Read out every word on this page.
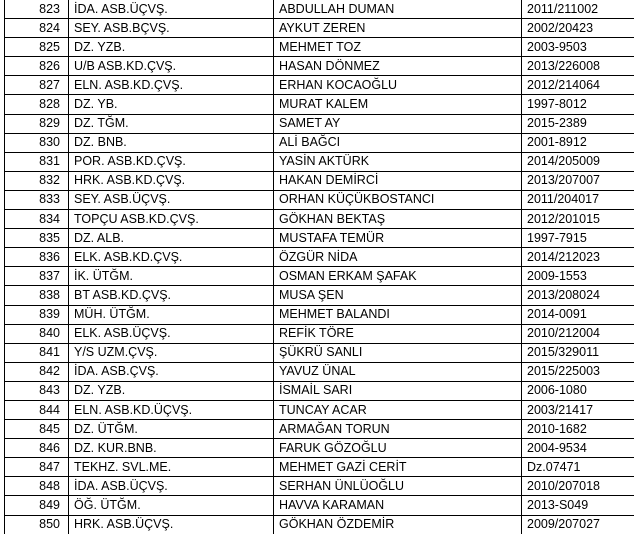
823	İDA. ASB.ÜÇVŞ.	ABDULLAH DUMAN	2011/211002
824	SEY. ASB.BÇVŞ.	AYKUT ZEREN	2002/20423
825	DZ. YZB.	MEHMET TOZ	2003-9503
826	U/B ASB.KD.ÇVŞ.	HASAN DÖNMEZ	2013/226008
827	ELN. ASB.KD.ÇVŞ.	ERHAN KOCAOĞLU	2012/214064
828	DZ. YB.	MURAT KALEM	1997-8012
829	DZ. TĞM.	SAMET AY	2015-2389
830	DZ. BNB.	ALİ BAĞCI	2001-8912
831	POR. ASB.KD.ÇVŞ.	YASİN AKTÜRK	2014/205009
832	HRK. ASB.KD.ÇVŞ.	HAKAN DEMİRCİ	2013/207007
833	SEY. ASB.ÜÇVŞ.	ORHAN KÜÇÜKBOSTANCI	2011/204017
834	TOPÇU ASB.KD.ÇVŞ.	GÖKHAN BEKTAŞ	2012/201015
835	DZ. ALB.	MUSTAFA TEMÜR	1997-7915
836	ELK. ASB.KD.ÇVŞ.	ÖZGÜR NİDA	2014/212023
837	İK. ÜTĞM.	OSMAN ERKAM ŞAFAK	2009-1553
838	BT ASB.KD.ÇVŞ.	MUSA ŞEN	2013/208024
839	MÜH. ÜTĞM.	MEHMET BALANDI	2014-0091
840	ELK. ASB.ÜÇVŞ.	REFİK TÖRE	2010/212004
841	Y/S UZM.ÇVŞ.	ŞÜKRÜ SANLI	2015/329011
842	İDA. ASB.ÇVŞ.	YAVUZ ÜNAL	2015/225003
843	DZ. YZB.	İSMAİL SARI	2006-1080
844	ELN. ASB.KD.ÜÇVŞ.	TUNCAY ACAR	2003/21417
845	DZ. ÜTĞM.	ARMAĞAN TORUN	2010-1682
846	DZ. KUR.BNB.	FARUK GÖZOĞLU	2004-9534
847	TEKHZ. SVL.ME.	MEHMET GAZİ CERİT	Dz.07471
848	İDA. ASB.ÜÇVŞ.	SERHAN ÜNLÜOĞLU	2010/207018
849	ÖĞ. ÜTĞM.	HAVVA KARAMAN	2013-S049
850	HRK. ASB.ÜÇVŞ.	GÖKHAN ÖZDEMİR	2009/207027
